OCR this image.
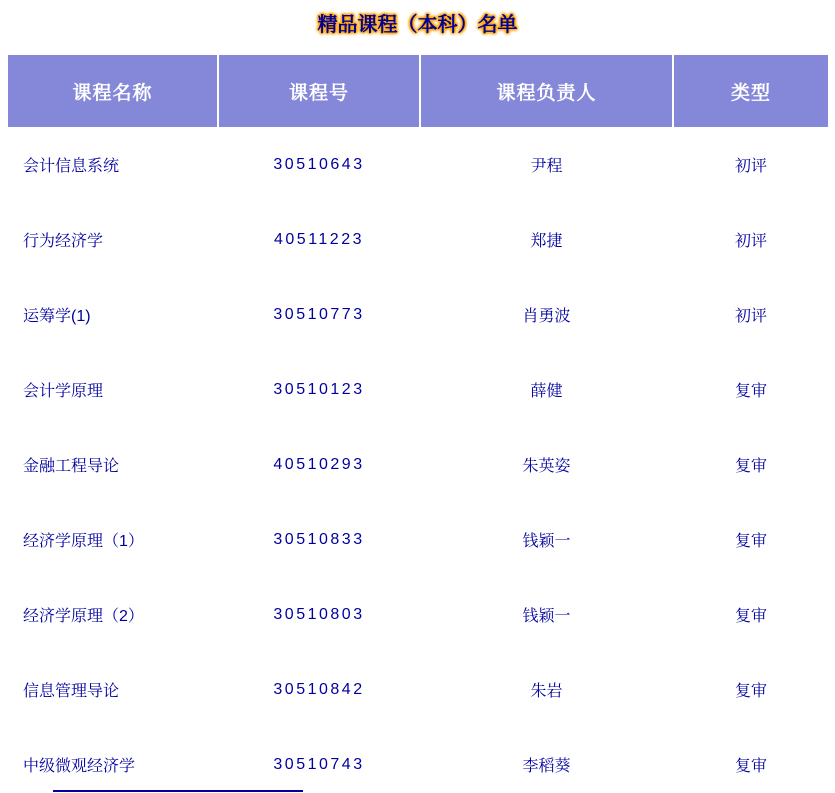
精品课程（本科）名单
课程名称	课程号	课程负责人	类型
会计信息系统	30510643	尹程	初评
行为经济学	40511223	郑捷	初评
运筹学(1)	30510773	肖勇波	初评
会计学原理	30510123	薛健	复审
金融工程导论	40510293	朱英姿	复审
经济学原理（1）	30510833	钱颖一	复审
经济学原理（2）	30510803	钱颖一	复审
信息管理导论	30510842	朱岩	复审
中级微观经济学	30510743	李稻葵	复审
